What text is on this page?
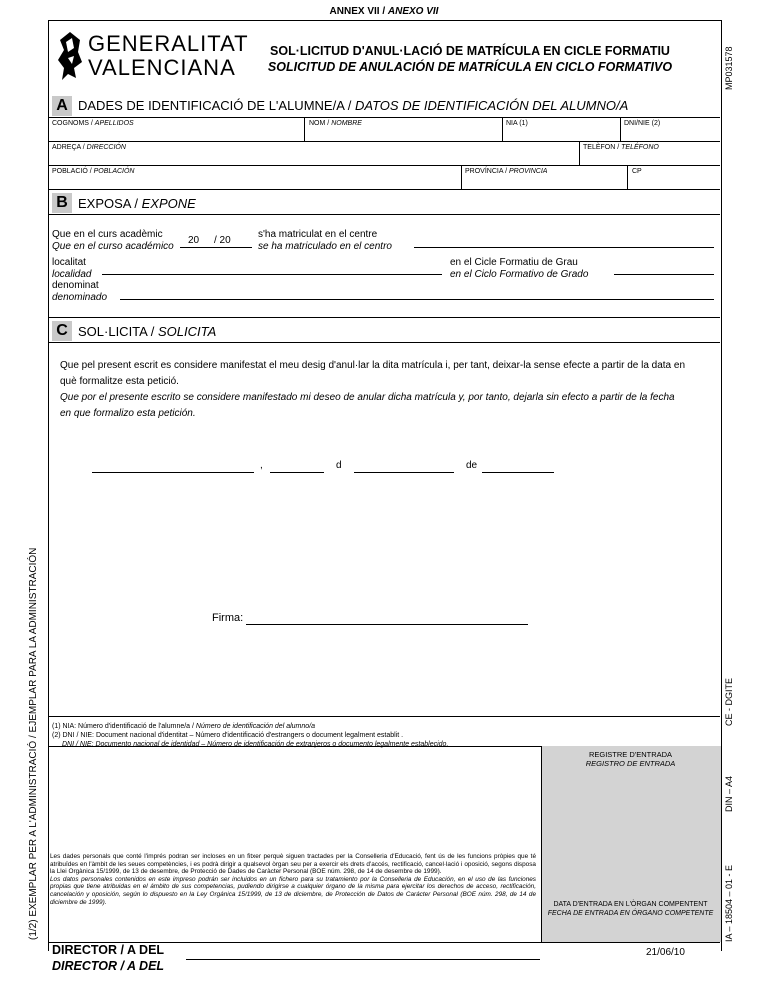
ANNEX VII / ANEXO VII
GENERALITAT
VALENCIANA
SOL·LICITUD D'ANUL·LACIÓ DE MATRÍCULA EN CICLE FORMATIU
SOLICITUD DE ANULACIÓN DE MATRÍCULA EN CICLO FORMATIVO	MP031578
A DADES DE IDENTIFICACIÓ DE L'ALUMNE/A / DATOS DE IDENTIFICACIÓN DEL ALUMNO/A
COGNOMS / APELLIDOS	NOM / NOMBRE	NIA (1)	DNI/NIE (2)
ADREÇA / DIRECCIÓN	TELÈFON / TELÉFONO
POBLACIÓ / POBLACIÓN	PROVÍNCIA / PROVINCIA	CP
B EXPOSA / EXPONE
Que en el curs acadèmic
Que en el curso académico
20 / 20
s'ha matriculat en el centre
se ha matriculado en el centro
localitat
localidad
en el Cicle Formatiu de Grau
en el Ciclo Formativo de Grado
denominat
denominado
C SOL·LICITA / SOLICITA
Que pel present escrit es considere manifestat el meu desig d'anul·lar la dita matrícula i, per tant, deixar-la sense efecte a partir de la data en
què formalitze esta petició.
Que por el presente escrito se considere manifestado mi deseo de anular dicha matrícula y, por tanto, dejarla sin efecto a partir de la fecha
en que formalizo esta petición.
,	d	de
Firma:
(1) NIA: Número d'identificació de l'alumne/a / Número de identificación del alumno/a
(2) DNI / NIE: Document nacional d'identitat – Número d'identificació d'estrangers o document legalment establit .
DNI / NIE: Documento nacional de identidad – Número de identificación de extranjeros o documento legalmente establecido.
REGISTRE D'ENTRADA
REGISTRO DE ENTRADA
DATA D'ENTRADA EN L'ÒRGAN COMPENTENT
FECHA DE ENTRADA EN ÓRGANO COMPETENTE
Les dades personals que conté l'imprés podran ser incloses en un fitxer perquè siguen tractades per la Conselleria d'Educació, fent ús de les funcions pròpies que té atribuïdes en l'àmbit de les seues competències, i es podrà dirigir a qualsevol òrgan seu per a exercir els drets d'accés, rectificació, cancel·lació i oposició, segons disposa la Llei Orgànica 15/1999, de 13 de desembre, de Protecció de Dades de Caràcter Personal (BOE núm. 298, de 14 de desembre de 1999).
Los datos personales contenidos en este impreso podrán ser incluidos en un fichero para su tratamiento por la Conselleria de Educación, en el uso de las funciones propias que tiene atribuidas en el ámbito de sus competencias, pudiendo dirigirse a cualquier órgano de la misma para ejercitar los derechos de acceso, rectificación, cancelación y oposición, según lo dispuesto en la Ley Orgánica 15/1999, de 13 de diciembre, de Protección de Datos de Carácter Personal (BOE núm. 298, de 14 de diciembre de 1999).
DIRECTOR / A DEL
DIRECTOR / A DEL
21/06/10
(1/2) EXEMPLAR PER A L'ADMINISTRACIÓ / EJEMPLAR PARA LA ADMINISTRACIÓN	CE - DGITE
DIN – A4
IA – 18504 – 01 - E
